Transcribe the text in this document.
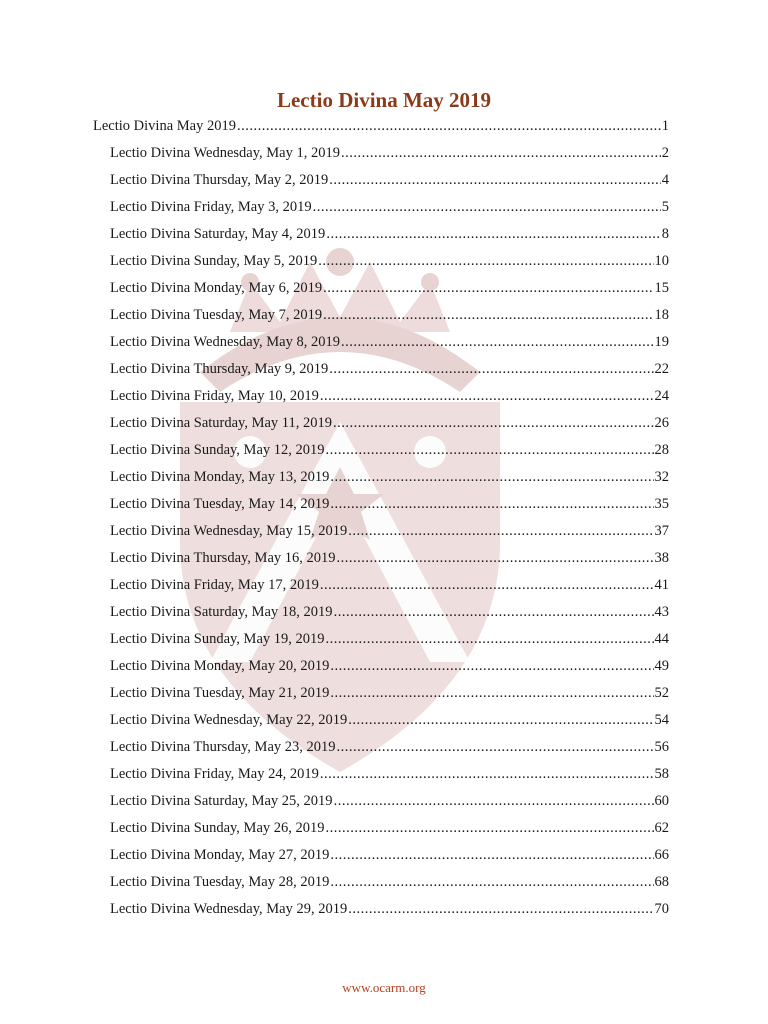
Lectio Divina May 2019
Lectio Divina May 2019 .....	1
Lectio Divina Wednesday, May 1, 2019 .....	2
Lectio Divina Thursday, May 2, 2019 .....	4
Lectio Divina Friday, May 3, 2019 .....	5
Lectio Divina Saturday, May 4, 2019 .....	8
Lectio Divina Sunday, May 5, 2019 .....	10
Lectio Divina Monday, May 6, 2019 .....	15
Lectio Divina Tuesday, May 7, 2019 .....	18
Lectio Divina Wednesday, May 8, 2019 .....	19
Lectio Divina Thursday, May 9, 2019 .....	22
Lectio Divina Friday, May 10, 2019 .....	24
Lectio Divina Saturday, May 11, 2019 .....	26
Lectio Divina Sunday, May 12, 2019 .....	28
Lectio Divina Monday, May 13, 2019 .....	32
Lectio Divina Tuesday, May 14, 2019 .....	35
Lectio Divina Wednesday, May 15, 2019 .....	37
Lectio Divina Thursday, May 16, 2019 .....	38
Lectio Divina Friday, May 17, 2019 .....	41
Lectio Divina Saturday, May 18, 2019 .....	43
Lectio Divina Sunday, May 19, 2019 .....	44
Lectio Divina Monday, May 20, 2019 .....	49
Lectio Divina Tuesday, May 21, 2019 .....	52
Lectio Divina Wednesday, May 22, 2019 .....	54
Lectio Divina Thursday, May 23, 2019 .....	56
Lectio Divina Friday, May 24, 2019 .....	58
Lectio Divina Saturday, May 25, 2019 .....	60
Lectio Divina Sunday, May 26, 2019 .....	62
Lectio Divina Monday, May 27, 2019 .....	66
Lectio Divina Tuesday, May 28, 2019 .....	68
Lectio Divina Wednesday, May 29, 2019 .....	70
www.ocarm.org
